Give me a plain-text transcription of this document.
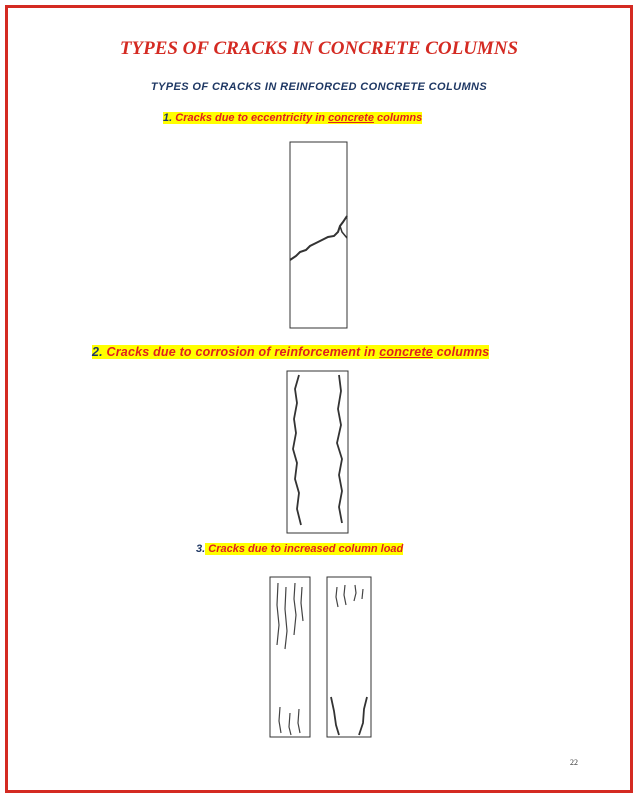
TYPES OF CRACKS IN CONCRETE COLUMNS
TYPES OF CRACKS IN REINFORCED CONCRETE COLUMNS
1. Cracks due to eccentricity in concrete columns
2. Cracks due to corrosion of reinforcement in concrete columns
3. Cracks due to increased column load
22
